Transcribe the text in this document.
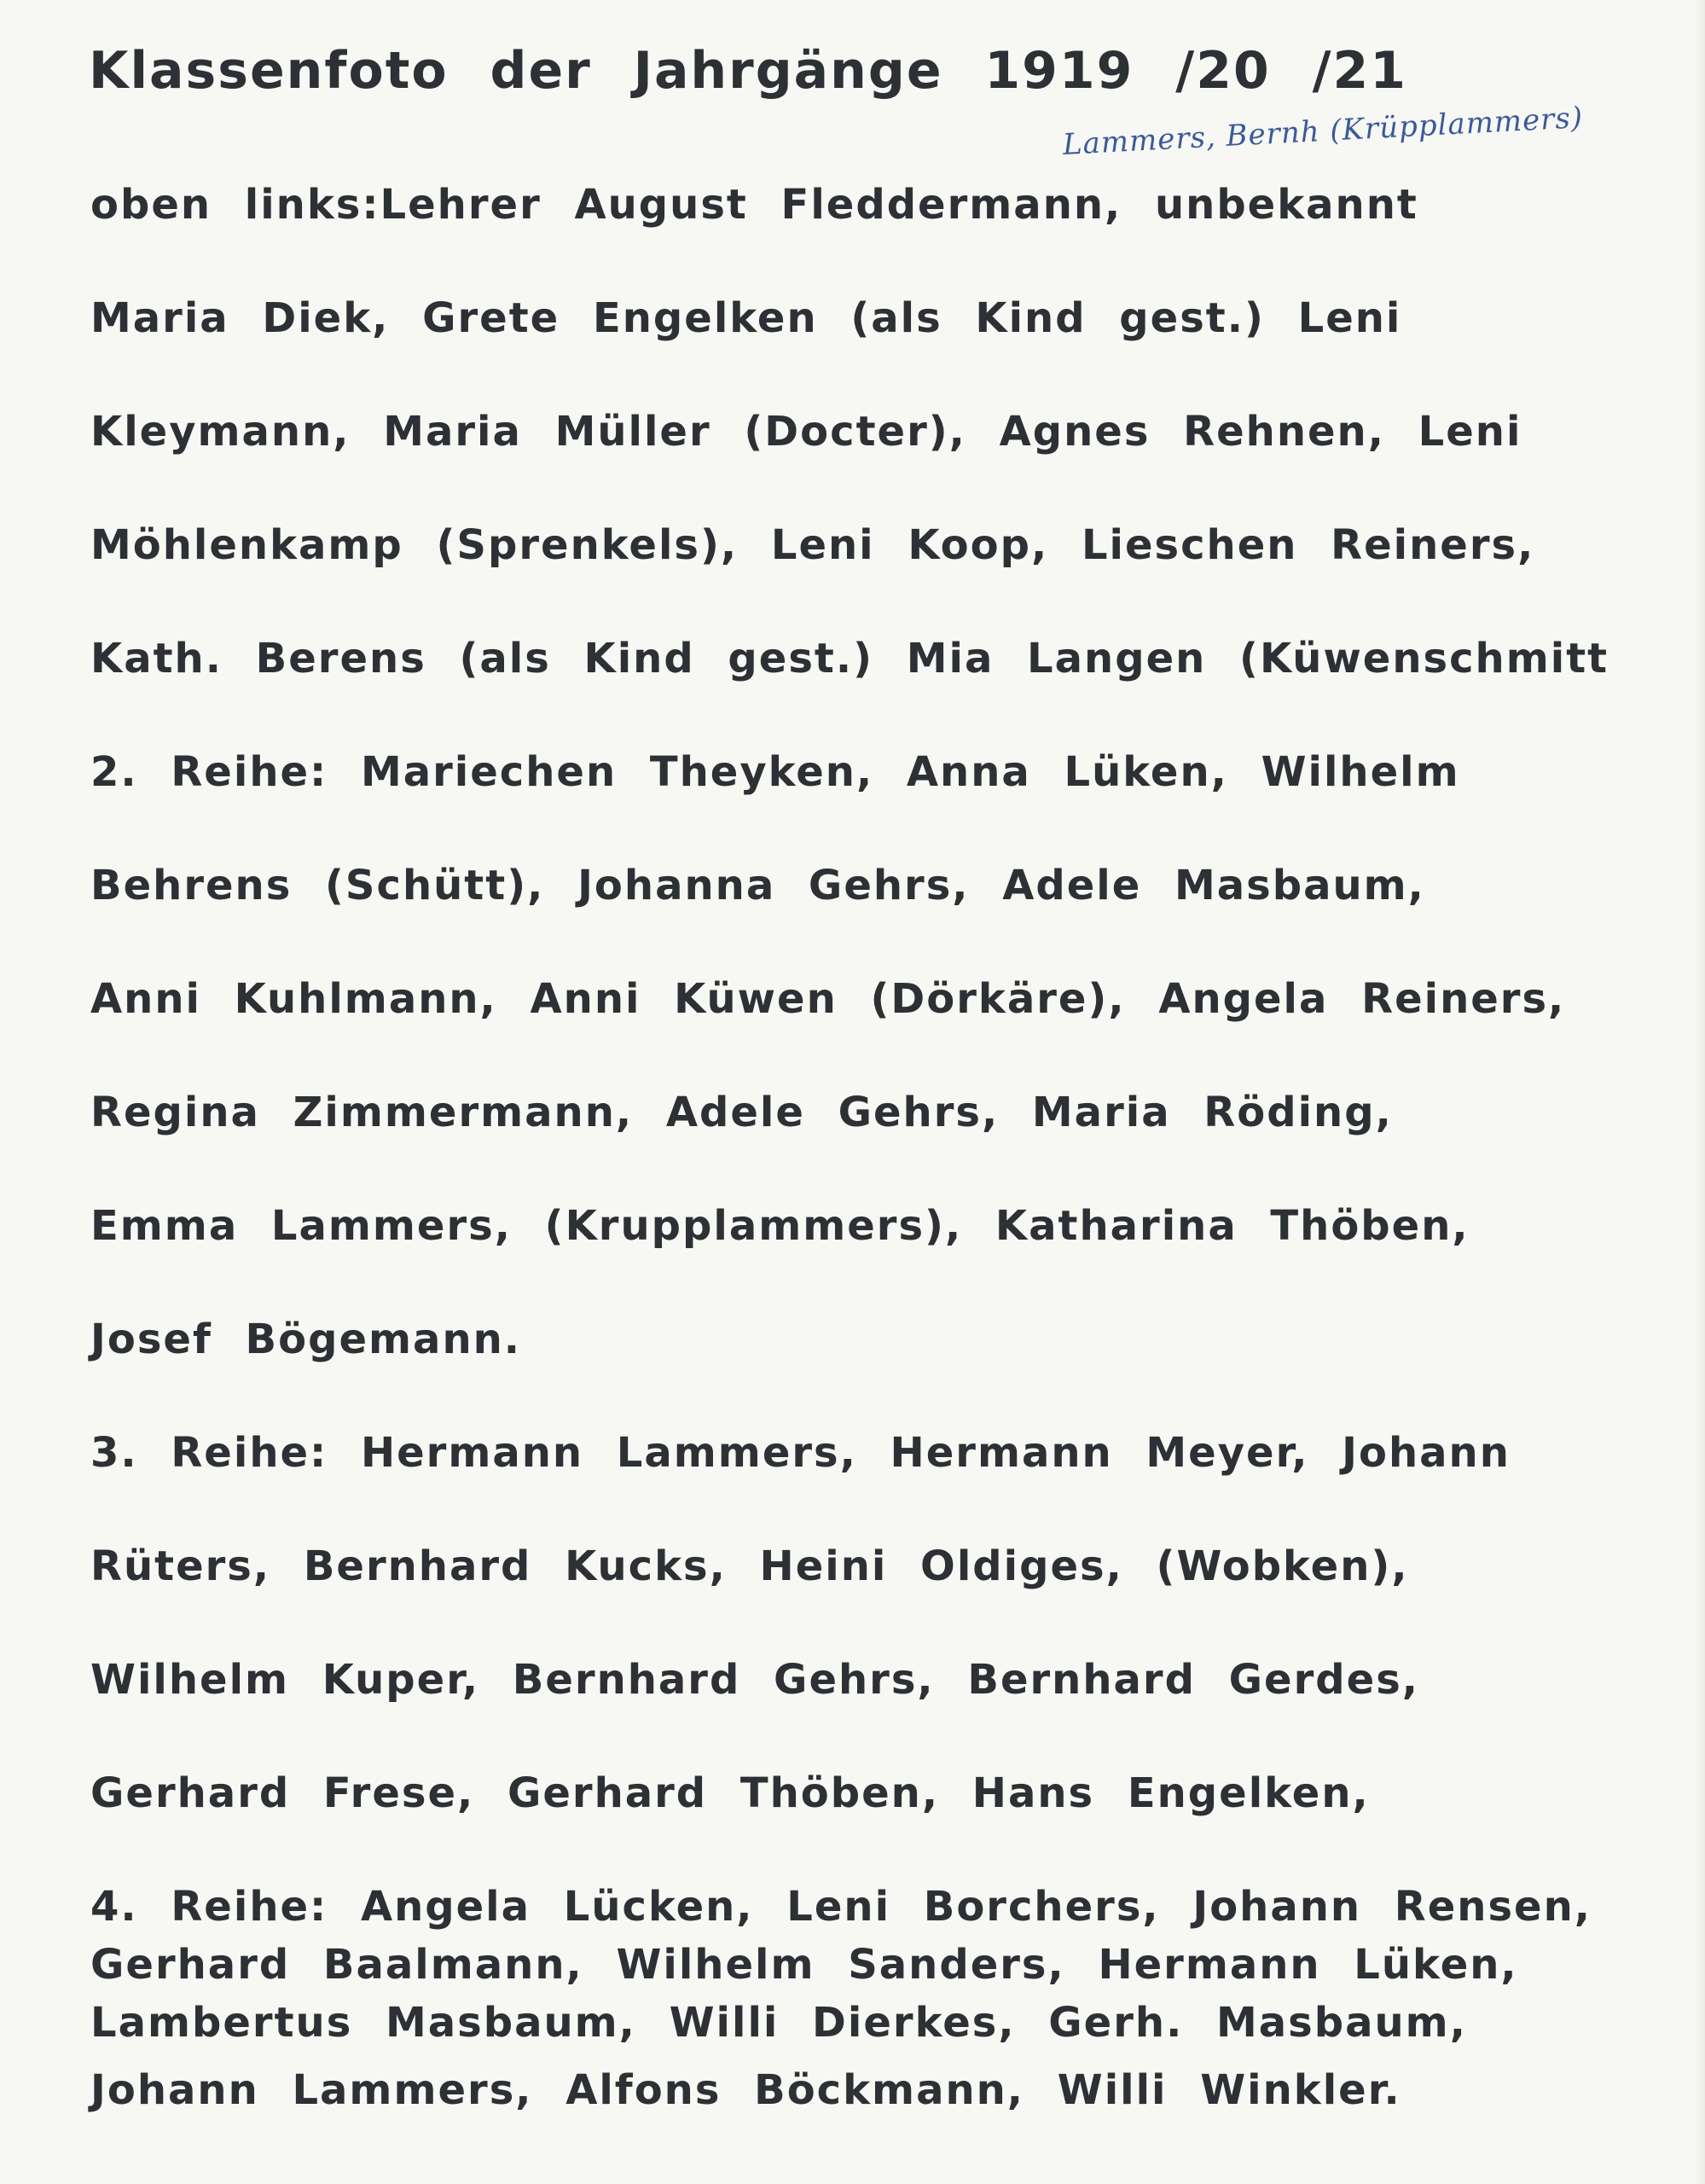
Klassenfoto der Jahrgänge 1919 /20 /21
Lammers, Bernh (Krüpplammers)
oben links:Lehrer August Fleddermann, unbekannt
Maria Diek, Grete Engelken (als Kind gest.) Leni
Kleymann, Maria Müller (Docter), Agnes Rehnen, Leni
Möhlenkamp (Sprenkels), Leni Koop, Lieschen Reiners,
Kath. Berens (als Kind gest.) Mia Langen (Küwenschmitt
2. Reihe: Mariechen Theyken, Anna Lüken, Wilhelm
Behrens (Schütt), Johanna Gehrs, Adele Masbaum,
Anni Kuhlmann, Anni Küwen (Dörkäre), Angela Reiners,
Regina Zimmermann, Adele Gehrs, Maria Röding,
Emma Lammers, (Krupplammers), Katharina Thöben,
Josef Bögemann.
3. Reihe: Hermann Lammers, Hermann Meyer, Johann
Rüters, Bernhard Kucks, Heini Oldiges, (Wobken),
Wilhelm Kuper, Bernhard Gehrs, Bernhard Gerdes,
Gerhard Frese, Gerhard Thöben, Hans Engelken,
4. Reihe: Angela Lücken, Leni Borchers, Johann Rensen,
Gerhard Baalmann, Wilhelm Sanders, Hermann Lüken,
Lambertus Masbaum, Willi Dierkes, Gerh. Masbaum,
Johann Lammers, Alfons Böckmann, Willi Winkler.
